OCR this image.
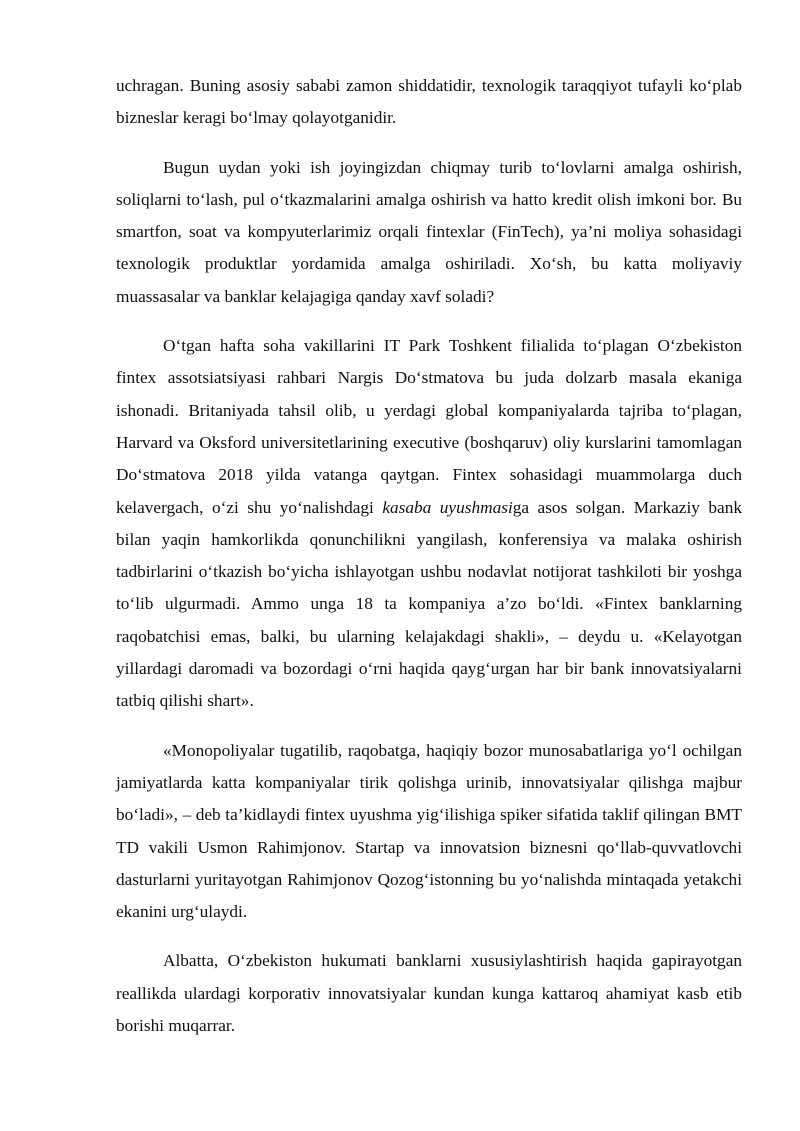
uchragan. Buning asosiy sababi zamon shiddatidir, texnologik taraqqiyot tufayli ko‘plab bizneslar keragi bo‘lmay qolayotganidir.

Bugun uydan yoki ish joyingizdan chiqmay turib to‘lovlarni amalga oshirish, soliqlarni to‘lash, pul o‘tkazmalarini amalga oshirish va hatto kredit olish imkoni bor. Bu smartfon, soat va kompyuterlarimiz orqali fintexlar (FinTech), ya’ni moliya sohasidagi texnologik produktlar yordamida amalga oshiriladi. Xo‘sh, bu katta moliyaviy muassasalar va banklar kelajagiga qanday xavf soladi?

O‘tgan hafta soha vakillarini IT Park Toshkent filialida to‘plagan O‘zbekiston fintex assotsiatsiyasi rahbari Nargis Do‘stmatova bu juda dolzarb masala ekaniga ishonadi. Britaniyada tahsil olib, u yerdagi global kompaniyalarda tajriba to‘plagan, Harvard va Oksford universitetlarining executive (boshqaruv) oliy kurslarini tamomlagan Do‘stmatova 2018 yilda vatanga qaytgan. Fintex sohasidagi muammolarga duch kelavergach, o‘zi shu yo‘nalishdagi kasaba uyushmasiga asos solgan. Markaziy bank bilan yaqin hamkorlikda qonunchilikni yangilash, konferensiya va malaka oshirish tadbirlarini o‘tkazish bo‘yicha ishlayotgan ushbu nodavlat notijorat tashkiloti bir yoshga to‘lib ulgurmadi. Ammo unga 18 ta kompaniya a’zo bo‘ldi. «Fintex banklarning raqobatchisi emas, balki, bu ularning kelajakdagi shakli», – deydu u. «Kelayotgan yillardagi daromadi va bozordagi o‘rni haqida qayg‘urgan har bir bank innovatsiyalarni tatbiq qilishi shart».

«Monopoliyalar tugatilib, raqobatga, haqiqiy bozor munosabatlariga yo‘l ochilgan jamiyatlarda katta kompaniyalar tirik qolishga urinib, innovatsiyalar qilishga majbur bo‘ladi», – deb ta’kidlaydi fintex uyushma yig‘ilishiga spiker sifatida taklif qilingan BMT TD vakili Usmon Rahimjonov. Startap va innovatsion biznesni qo‘llab-quvvatlovchi dasturlarni yuritayotgan Rahimjonov Qozog‘istonning bu yo‘nalishda mintaqada yetakchi ekanini urg‘ulaydi.

Albatta, O‘zbekiston hukumati banklarni xususiylashtirish haqida gapirayotgan reallikda ulardagi korporativ innovatsiyalar kundan kunga kattaroq ahamiyat kasb etib borishi muqarrar.
